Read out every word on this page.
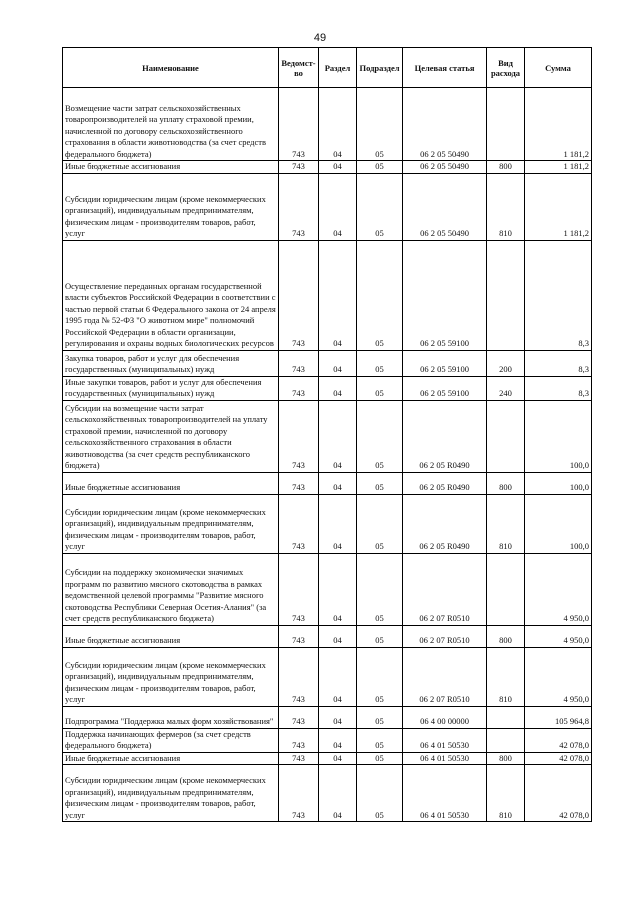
49
Наименование	Ведомст-во	Раздел	Подраздел	Целевая статья	Вид расхода	Сумма
Возмещение части затрат сельскохозяйственных товаропроизводителей на уплату страховой премии, начисленной по договору сельскохозяйственного страхования в области животноводства (за счет средств федерального бюджета)	743	04	05	06 2 05 50490		1 181,2
Иные бюджетные ассигнования	743	04	05	06 2 05 50490	800	1 181,2
Субсидии юридическим лицам (кроме некоммерческих организаций), индивидуальным предпринимателям, физическим лицам - производителям товаров, работ, услуг	743	04	05	06 2 05 50490	810	1 181,2
Осуществление переданных органам государственной власти субъектов Российской Федерации в соответствии с частью первой статьи 6 Федерального закона от 24 апреля 1995 года № 52-ФЗ "О животном мире" полномочий Российской Федерации в области организации, регулирования и охраны водных биологических ресурсов	743	04	05	06 2 05 59100		8,3
Закупка товаров, работ и услуг для обеспечения государственных (муниципальных) нужд	743	04	05	06 2 05 59100	200	8,3
Иные закупки товаров, работ и услуг для обеспечения государственных (муниципальных) нужд	743	04	05	06 2 05 59100	240	8,3
Субсидии на возмещение части затрат сельскохозяйственных товаропроизводителей на уплату страховой премии, начисленной по договору сельскохозяйственного страхования в области животноводства (за счет средств республиканского бюджета)	743	04	05	06 2 05 R0490		100,0
Иные бюджетные ассигнования	743	04	05	06 2 05 R0490	800	100,0
Субсидии юридическим лицам (кроме некоммерческих организаций), индивидуальным предпринимателям, физическим лицам - производителям товаров, работ, услуг	743	04	05	06 2 05 R0490	810	100,0
Субсидии на поддержку экономически значимых программ по развитию мясного скотоводства в рамках ведомственной целевой программы "Развитие мясного скотоводства Республики Северная Осетия-Алания" (за счет средств республиканского бюджета)	743	04	05	06 2 07 R0510		4 950,0
Иные бюджетные ассигнования	743	04	05	06 2 07 R0510	800	4 950,0
Субсидии юридическим лицам (кроме некоммерческих организаций), индивидуальным предпринимателям, физическим лицам - производителям товаров, работ, услуг	743	04	05	06 2 07 R0510	810	4 950,0
Подпрограмма "Поддержка малых форм хозяйствования"	743	04	05	06 4 00 00000		105 964,8
Поддержка начинающих фермеров (за счет средств федерального бюджета)	743	04	05	06 4 01 50530		42 078,0
Иные бюджетные ассигнования	743	04	05	06 4 01 50530	800	42 078,0
Субсидии юридическим лицам (кроме некоммерческих организаций), индивидуальным предпринимателям, физическим лицам - производителям товаров, работ, услуг	743	04	05	06 4 01 50530	810	42 078,0
